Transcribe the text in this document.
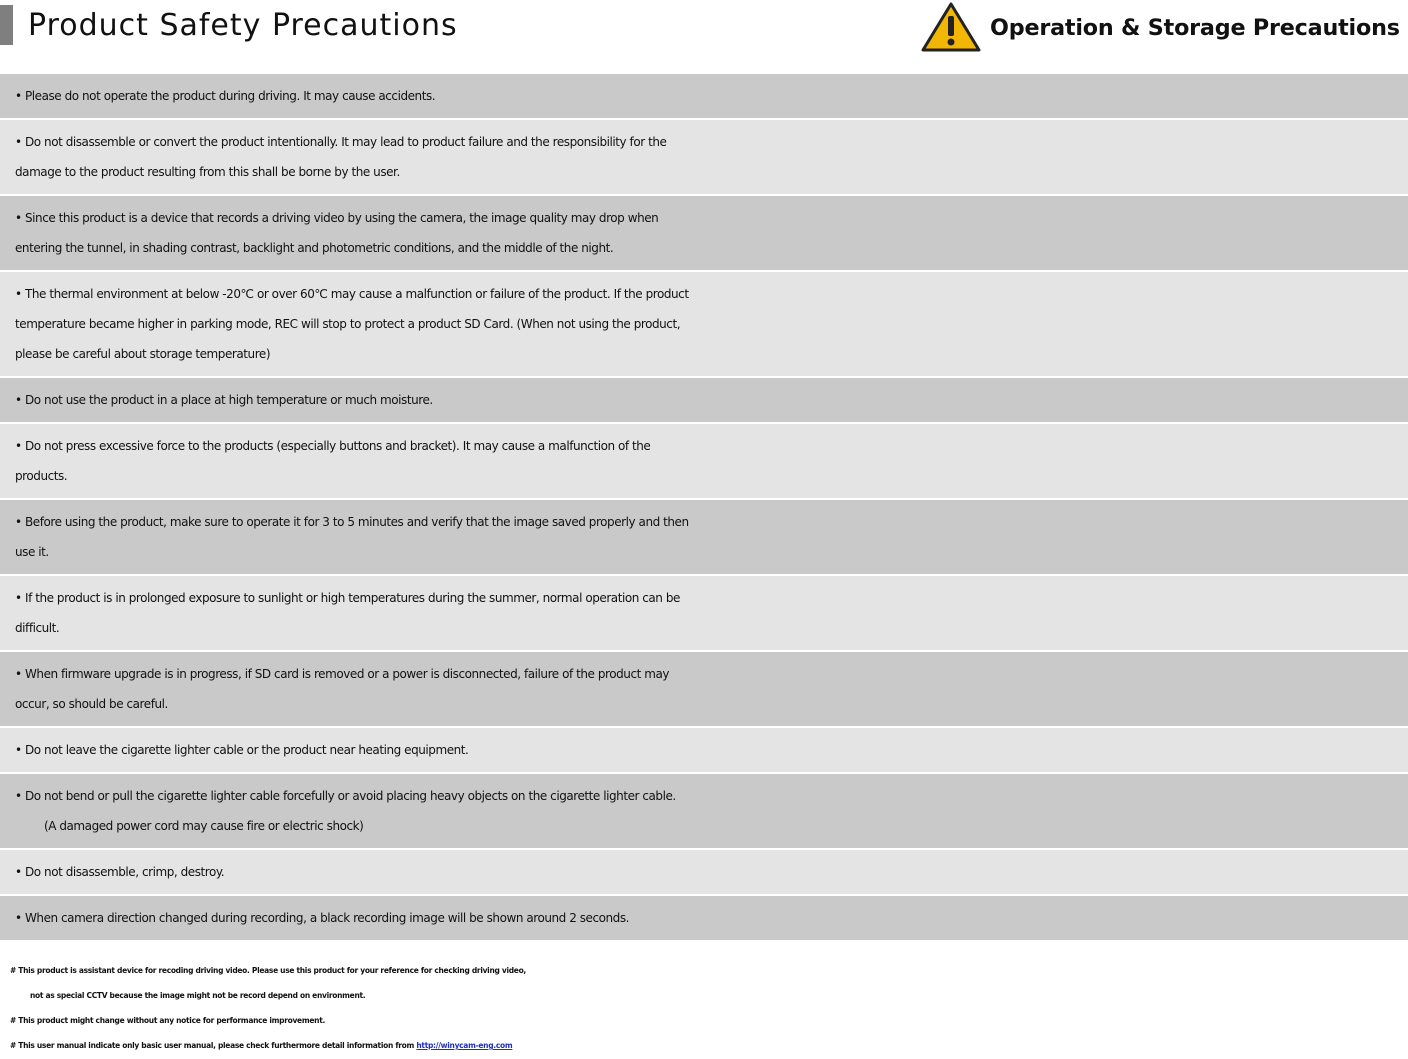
Product Safety Precautions	Operation & Storage Precautions
• Please do not operate the product during driving. It may cause accidents.
• Do not disassemble or convert the product intentionally. It may lead to product failure and the responsibility for the
damage to the product resulting from this shall be borne by the user.
• Since this product is a device that records a driving video by using the camera, the image quality may drop when
entering the tunnel, in shading contrast, backlight and photometric conditions, and the middle of the night.
• The thermal environment at below -20℃ or over 60℃ may cause a malfunction or failure of the product. If the product
temperature became higher in parking mode, REC will stop to protect a product SD Card. (When not using the product,
please be careful about storage temperature)
• Do not use the product in a place at high temperature or much moisture.
• Do not press excessive force to the products (especially buttons and bracket). It may cause a malfunction of the
products.
• Before using the product, make sure to operate it for 3 to 5 minutes and verify that the image saved properly and then
use it.
• If the product is in prolonged exposure to sunlight or high temperatures during the summer, normal operation can be
difficult.
• When firmware upgrade is in progress, if SD card is removed or a power is disconnected, failure of the product may
occur, so should be careful.
• Do not leave the cigarette lighter cable or the product near heating equipment.
• Do not bend or pull the cigarette lighter cable forcefully or avoid placing heavy objects on the cigarette lighter cable.
(A damaged power cord may cause fire or electric shock)
• Do not disassemble, crimp, destroy.
• When camera direction changed during recording, a black recording image will be shown around 2 seconds.
# This product is assistant device for recoding driving video. Please use this product for your reference for checking driving video,
not as special CCTV because the image might not be record depend on environment.
# This product might change without any notice for performance improvement.
# This user manual indicate only basic user manual, please check furthermore detail information from http://winycam-eng.com
